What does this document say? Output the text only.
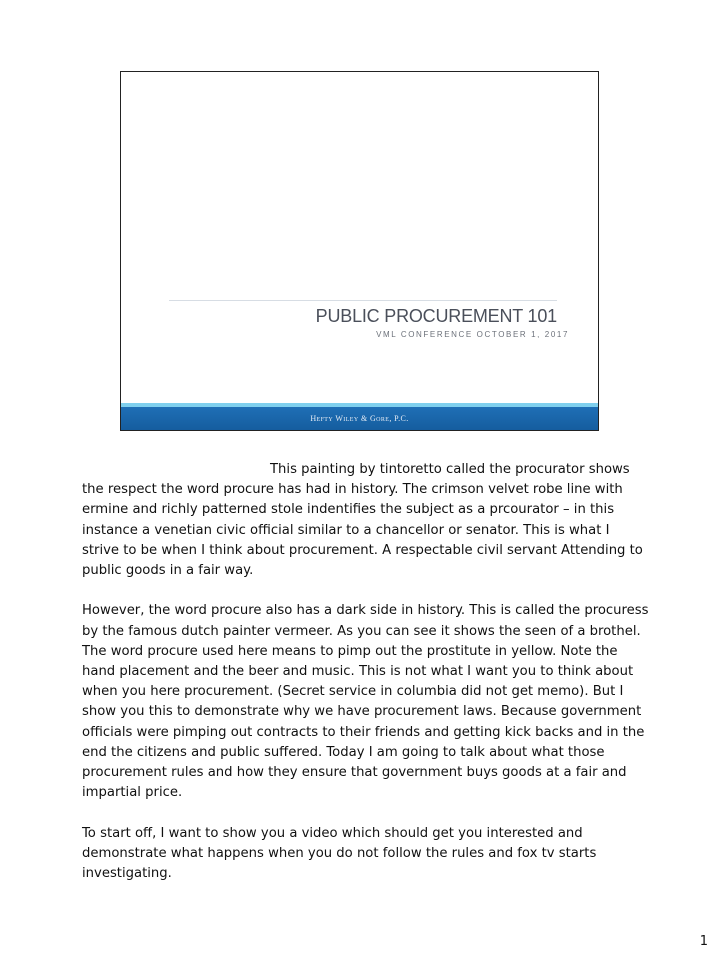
PUBLIC PROCUREMENT 101
VML CONFERENCE OCTOBER 1, 2017
Hefty Wiley & Gore, P.C.

This painting by tintoretto called the procurator shows the respect the word procure has had in history. The crimson velvet robe line with ermine and richly patterned stole indentifies the subject as a prcourator – in this instance a venetian civic official similar to a chancellor or senator. This is what I strive to be when I think about procurement. A respectable civil servant Attending to public goods in a fair way.

However, the word procure also has a dark side in history. This is called the procuress by the famous dutch painter vermeer. As you can see it shows the seen of a brothel. The word procure used here means to pimp out the prostitute in yellow. Note the hand placement and the beer and music. This is not what I want you to think about when you here procurement. (Secret service in columbia did not get memo). But I show you this to demonstrate why we have procurement laws. Because government officials were pimping out contracts to their friends and getting kick backs and in the end the citizens and public suffered. Today I am going to talk about what those procurement rules and how they ensure that government buys goods at a fair and impartial price.

To start off, I want to show you a video which should get you interested and demonstrate what happens when you do not follow the rules and fox tv starts investigating.

1
